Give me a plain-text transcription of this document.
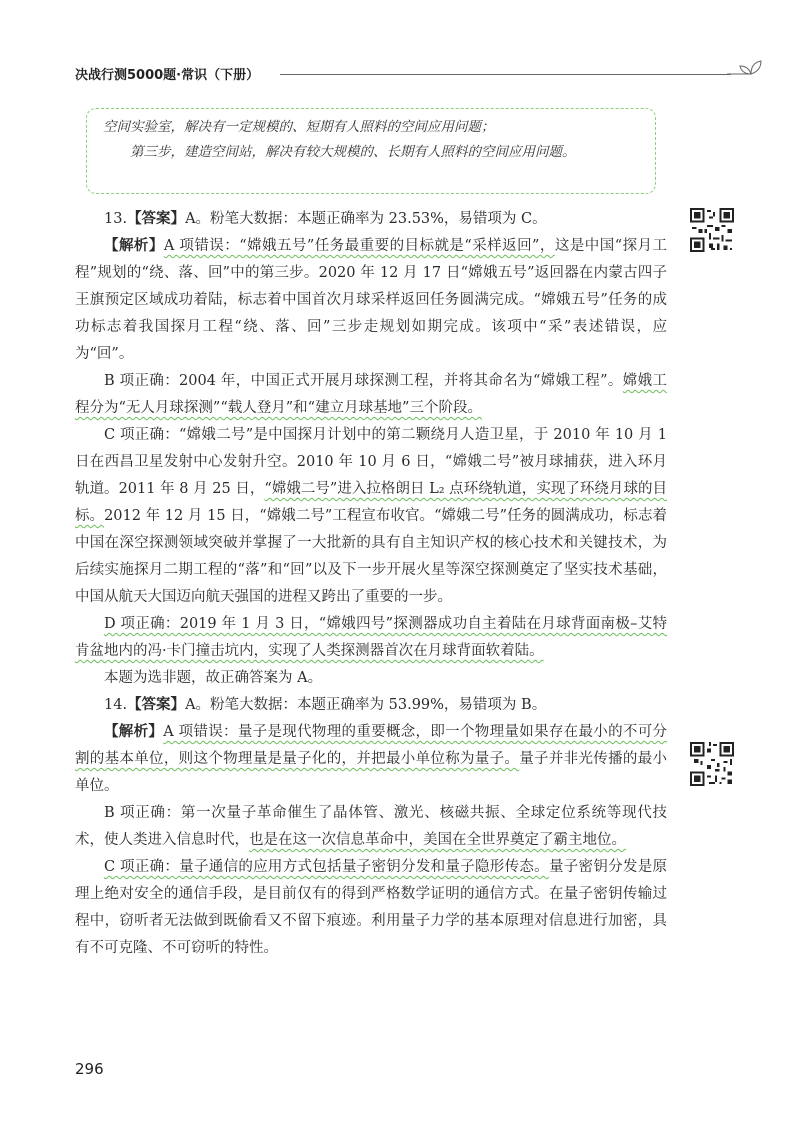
决战行测5000题·常识（下册）

空间实验室，解决有一定规模的、短期有人照料的空间应用问题；

第三步，建造空间站，解决有较大规模的、长期有人照料的空间应用问题。

13.【答案】A。粉笔大数据：本题正确率为 23.53%，易错项为 C。

【解析】A 项错误：“嫦娥五号”任务最重要的目标就是“采样返回”，这是中国“探月工程”规划的“绕、落、回”中的第三步。2020 年 12 月 17 日“嫦娥五号”返回器在内蒙古四子王旗预定区域成功着陆，标志着中国首次月球采样返回任务圆满完成。“嫦娥五号”任务的成功标志着我国探月工程“绕、落、回”三步走规划如期完成。该项中“采”表述错误，应为“回”。

B 项正确：2004 年，中国正式开展月球探测工程，并将其命名为“嫦娥工程”。嫦娥工程分为“无人月球探测”“载人登月”和“建立月球基地”三个阶段。

C 项正确：“嫦娥二号”是中国探月计划中的第二颗绕月人造卫星，于 2010 年 10 月 1 日在西昌卫星发射中心发射升空。2010 年 10 月 6 日，“嫦娥二号”被月球捕获，进入环月轨道。2011 年 8 月 25 日，“嫦娥二号”进入拉格朗日 L₂ 点环绕轨道，实现了环绕月球的目标。2012 年 12 月 15 日，“嫦娥二号”工程宣布收官。“嫦娥二号”任务的圆满成功，标志着中国在深空探测领域突破并掌握了一大批新的具有自主知识产权的核心技术和关键技术，为后续实施探月二期工程的“落”和“回”以及下一步开展火星等深空探测奠定了坚实技术基础，中国从航天大国迈向航天强国的进程又跨出了重要的一步。

D 项正确：2019 年 1 月 3 日，“嫦娥四号”探测器成功自主着陆在月球背面南极–艾特肯盆地内的冯·卡门撞击坑内，实现了人类探测器首次在月球背面软着陆。

本题为选非题，故正确答案为 A。

14.【答案】A。粉笔大数据：本题正确率为 53.99%，易错项为 B。

【解析】A 项错误：量子是现代物理的重要概念，即一个物理量如果存在最小的不可分割的基本单位，则这个物理量是量子化的，并把最小单位称为量子。量子并非光传播的最小单位。

B 项正确：第一次量子革命催生了晶体管、激光、核磁共振、全球定位系统等现代技术，使人类进入信息时代，也是在这一次信息革命中，美国在全世界奠定了霸主地位。

C 项正确：量子通信的应用方式包括量子密钥分发和量子隐形传态。量子密钥分发是原理上绝对安全的通信手段，是目前仅有的得到严格数学证明的通信方式。在量子密钥传输过程中，窃听者无法做到既偷看又不留下痕迹。利用量子力学的基本原理对信息进行加密，具有不可克隆、不可窃听的特性。

296
